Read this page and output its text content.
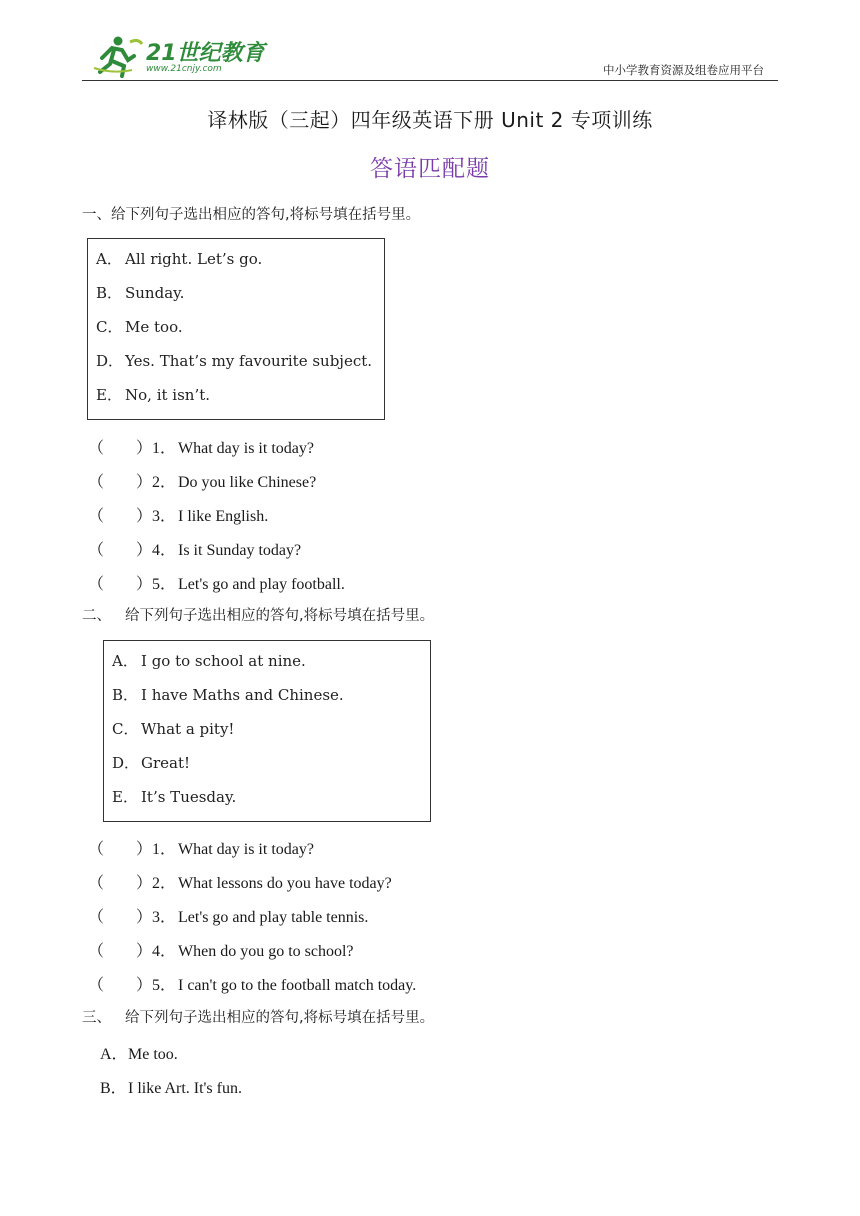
21世纪教育
www.21cnjy.com	中小学教育资源及组卷应用平台
译林版（三起）四年级英语下册 Unit 2 专项训练
答语匹配题
一、给下列句子选出相应的答句,将标号填在括号里。
A． All right. Let’s go.
B． Sunday.
C． Me too.
D． Yes. That’s my favourite subject.
E． No, it isn’t.
（　　）1． What day is it today?
（　　）2． Do you like Chinese?
（　　）3． I like English.
（　　）4． Is it Sunday today?
（　　）5． Let's go and play football.
二、 给下列句子选出相应的答句,将标号填在括号里。
A． I go to school at nine.
B． I have Maths and Chinese.
C． What a pity!
D． Great!
E． It’s Tuesday.
（　　）1． What day is it today?
（　　）2． What lessons do you have today?
（　　）3． Let's go and play table tennis.
（　　）4． When do you go to school?
（　　）5． I can't go to the football match today.
三、 给下列句子选出相应的答句,将标号填在括号里。
A．Me too.
B．I like Art. It's fun.
